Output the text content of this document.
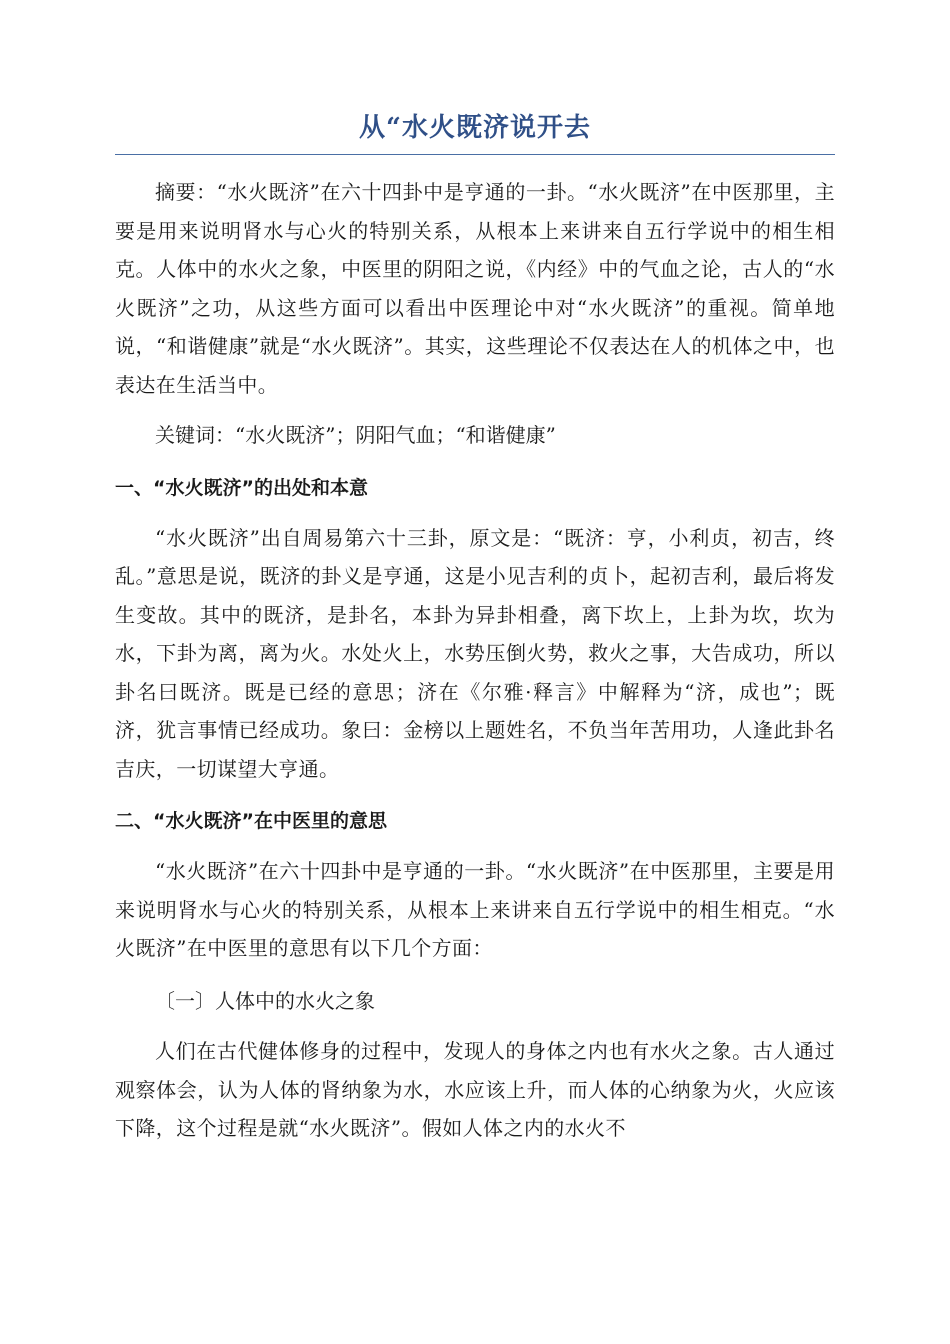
从“水火既济说开去

摘要：“水火既济”在六十四卦中是亨通的一卦。“水火既济”在中医那里，主要是用来说明肾水与心火的特别关系，从根本上来讲来自五行学说中的相生相克。人体中的水火之象，中医里的阴阳之说，《内经》中的气血之论，古人的“水火既济”之功，从这些方面可以看出中医理论中对“水火既济”的重视。简单地说，“和谐健康”就是“水火既济”。其实，这些理论不仅表达在人的机体之中，也表达在生活当中。

关键词：“水火既济”；阴阳气血；“和谐健康”

一、“水火既济”的出处和本意

“水火既济”出自周易第六十三卦，原文是：“既济：亨，小利贞，初吉，终乱。”意思是说，既济的卦义是亨通，这是小见吉利的贞卜，起初吉利，最后将发生变故。其中的既济，是卦名，本卦为异卦相叠，离下坎上，上卦为坎，坎为水，下卦为离，离为火。水处火上，水势压倒火势，救火之事，大告成功，所以卦名曰既济。既是已经的意思；济在《尔雅·释言》中解释为“济，成也”；既济，犹言事情已经成功。象曰：金榜以上题姓名，不负当年苦用功，人逢此卦名吉庆，一切谋望大亨通。

二、“水火既济”在中医里的意思

“水火既济”在六十四卦中是亨通的一卦。“水火既济”在中医那里，主要是用来说明肾水与心火的特别关系，从根本上来讲来自五行学说中的相生相克。“水火既济”在中医里的意思有以下几个方面：

〔一〕人体中的水火之象

人们在古代健体修身的过程中，发现人的身体之内也有水火之象。古人通过观察体会，认为人体的肾纳象为水，水应该上升，而人体的心纳象为火，火应该下降，这个过程是就“水火既济”。假如人体之内的水火不
